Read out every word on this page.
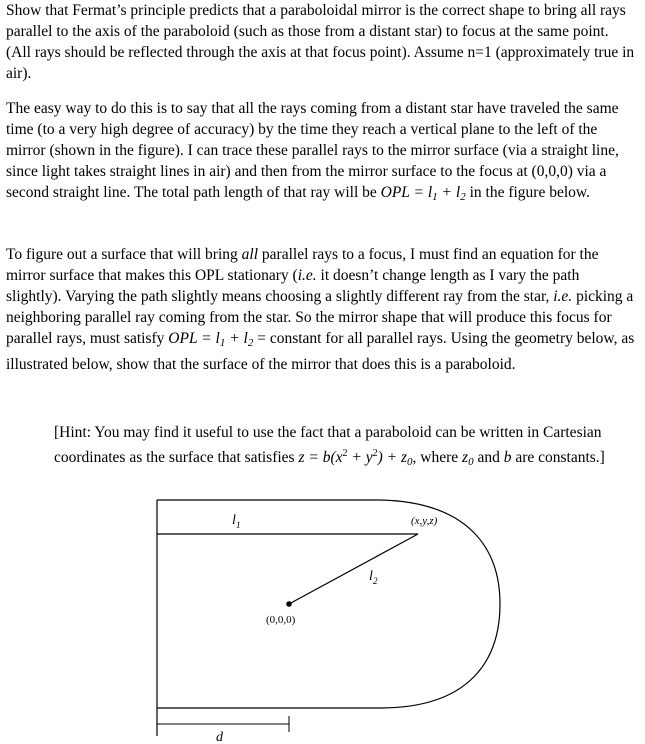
Show that Fermat’s principle predicts that a paraboloidal mirror is the correct shape to bring all rays parallel to the axis of the paraboloid (such as those from a distant star) to focus at the same point. (All rays should be reflected through the axis at that focus point). Assume n=1 (approximately true in air).
The easy way to do this is to say that all the rays coming from a distant star have traveled the same time (to a very high degree of accuracy) by the time they reach a vertical plane to the left of the mirror (shown in the figure). I can trace these parallel rays to the mirror surface (via a straight line, since light takes straight lines in air) and then from the mirror surface to the focus at (0,0,0) via a second straight line. The total path length of that ray will be OPL = $l_1 + l_2$ in the figure below.
To figure out a surface that will bring all parallel rays to a focus, I must find an equation for the mirror surface that makes this OPL stationary (i.e. it doesn’t change length as I vary the path slightly). Varying the path slightly means choosing a slightly different ray from the star, i.e. picking a neighboring parallel ray coming from the star. So the mirror shape that will produce this focus for parallel rays, must satisfy OPL = $l_1 + l_2$ = constant for all parallel rays. Using the geometry below, as illustrated below, show that the surface of the mirror that does this is a paraboloid.
[Hint: You may find it useful to use the fact that a paraboloid can be written in Cartesian coordinates as the surface that satisfies $z = b(x^2 + y^2) + z_0$, where $z_0$ and b are constants.]
l 1
l 2
(x,y,z)
(0,0,0)
d
